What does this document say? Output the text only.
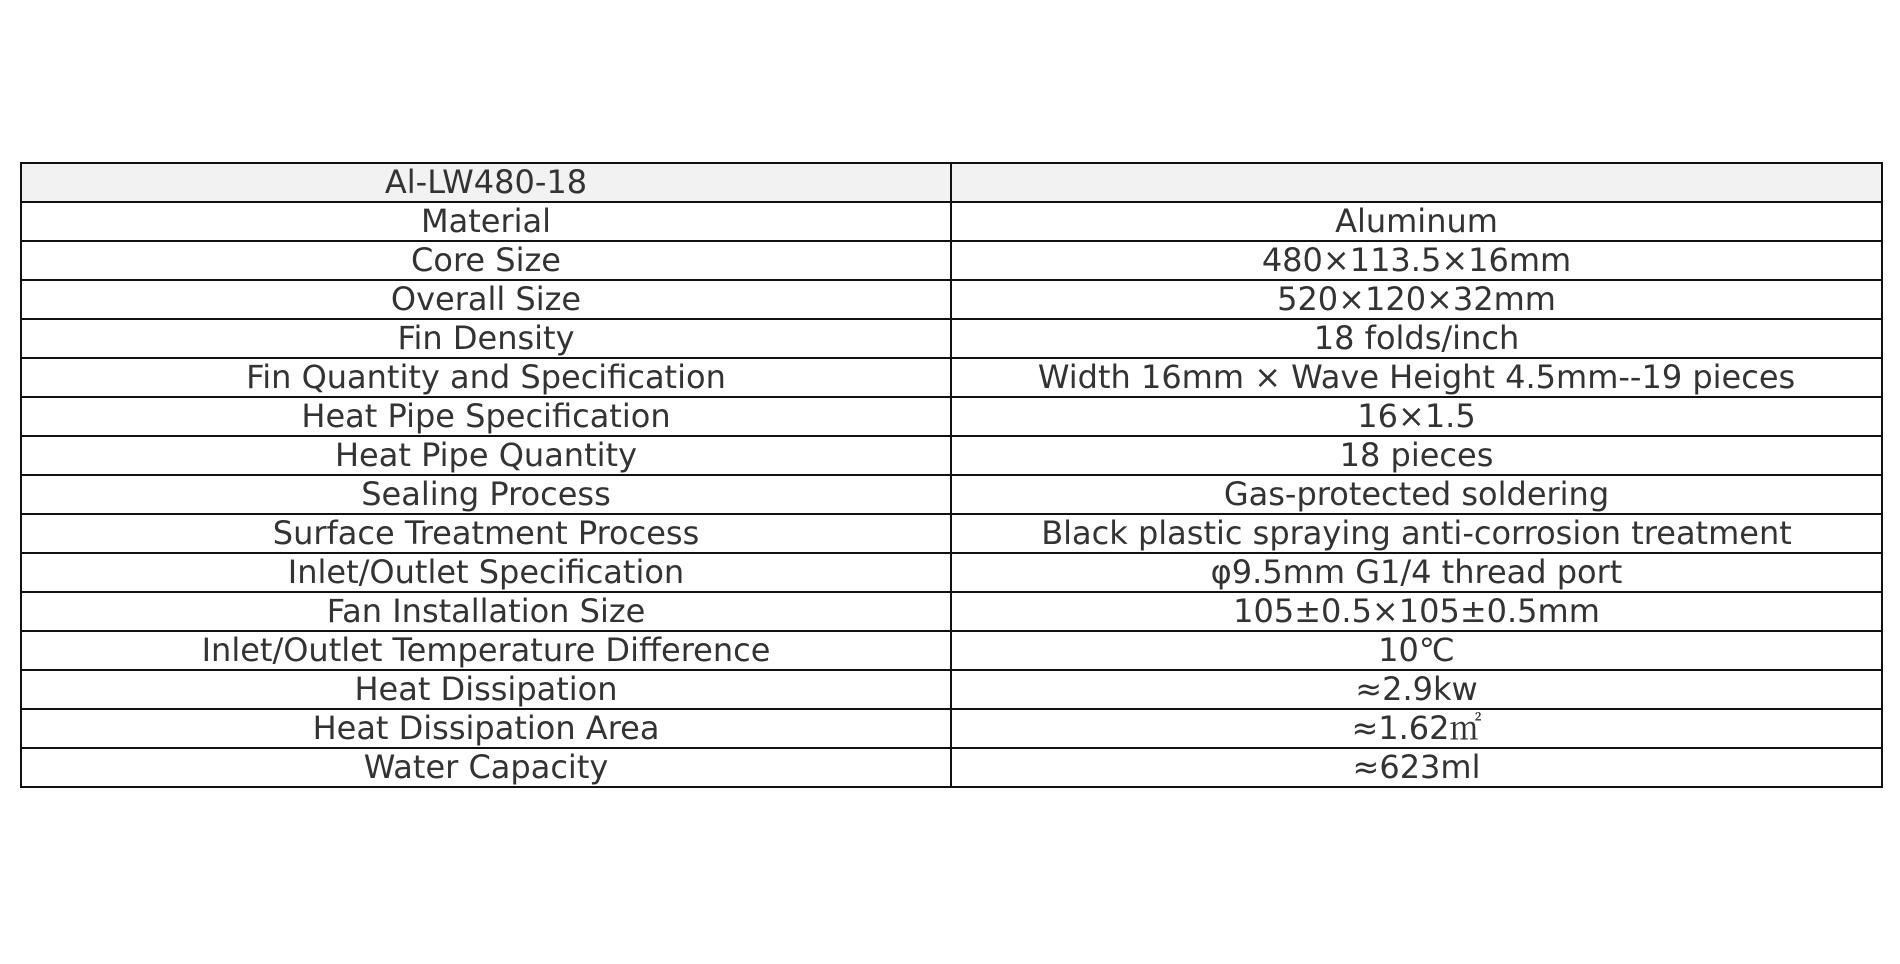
Al-LW480-18	
Material	Aluminum
Core Size	480×113.5×16mm
Overall Size	520×120×32mm
Fin Density	18 folds/inch
Fin Quantity and Specification	Width 16mm × Wave Height 4.5mm--19 pieces
Heat Pipe Specification	16×1.5
Heat Pipe Quantity	18 pieces
Sealing Process	Gas-protected soldering
Surface Treatment Process	Black plastic spraying anti-corrosion treatment
Inlet/Outlet Specification	φ9.5mm G1/4 thread port
Fan Installation Size	105±0.5×105±0.5mm
Inlet/Outlet Temperature Difference	10℃
Heat Dissipation	≈2.9kw
Heat Dissipation Area	≈1.62㎡
Water Capacity	≈623ml
